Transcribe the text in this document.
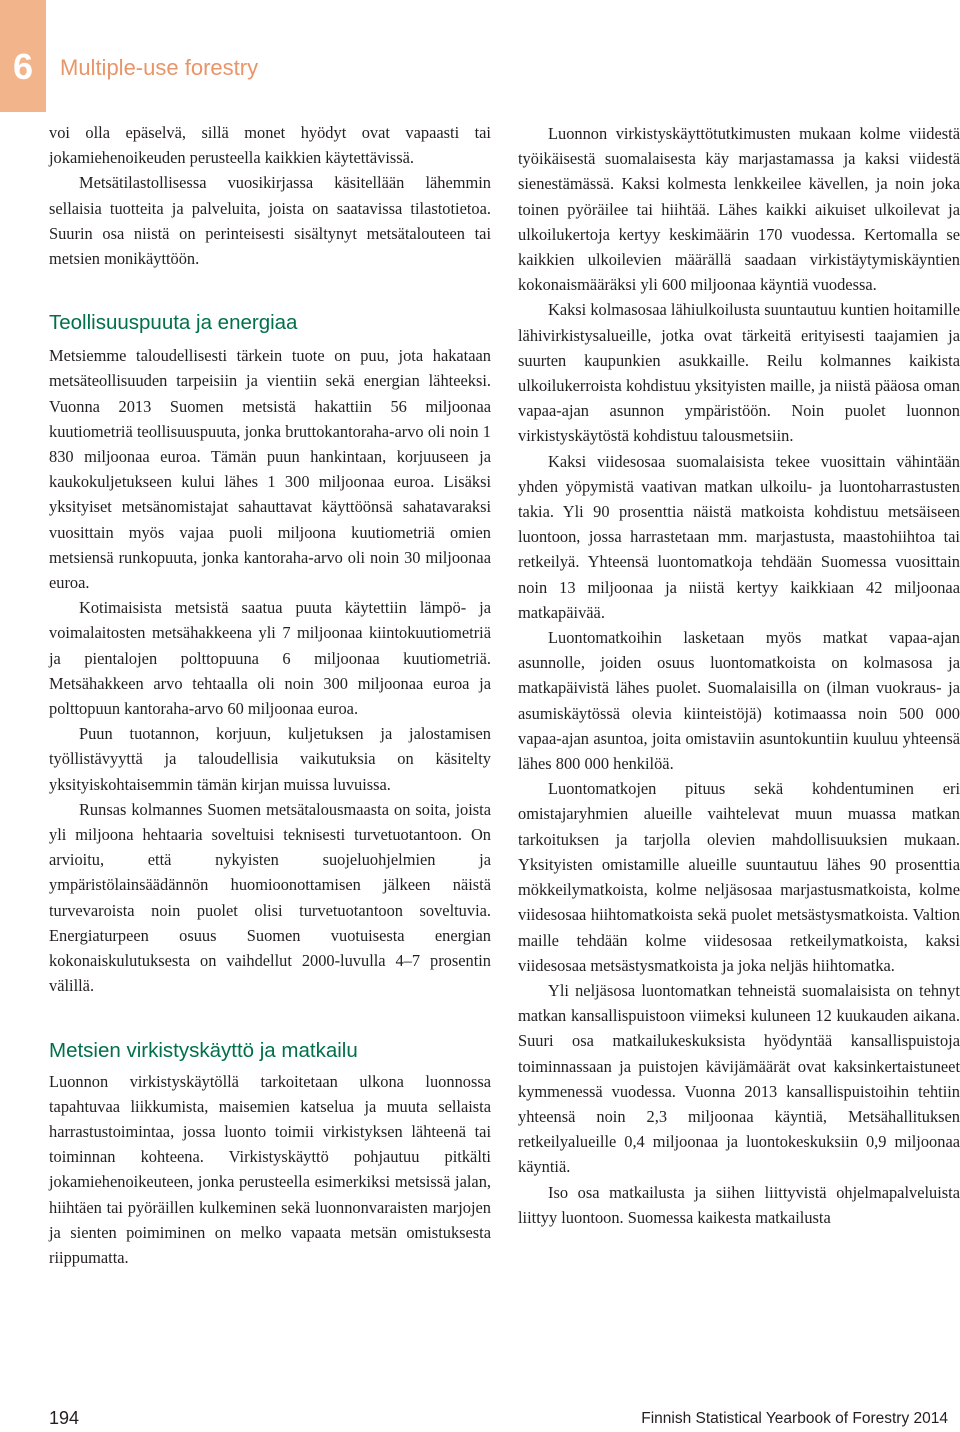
6	Multiple-use forestry

voi olla epäselvä, sillä monet hyödyt ovat vapaasti tai jokamiehenoikeuden perusteella kaikkien käytettävissä.

Metsätilastollisessa vuosikirjassa käsitellään lähemmin sellaisia tuotteita ja palveluita, joista on saatavissa tilastotietoa. Suurin osa niistä on perinteisesti sisältynyt metsätalouteen tai metsien monikäyttöön.

Teollisuuspuuta ja energiaa

Metsiemme taloudellisesti tärkein tuote on puu, jota hakataan metsäteollisuuden tarpeisiin ja vientiin sekä energian lähteeksi. Vuonna 2013 Suomen metsistä hakattiin 56 miljoonaa kuutiometriä teollisuuspuuta, jonka bruttokantoraha-arvo oli noin 1 830 miljoonaa euroa. Tämän puun hankintaan, korjuuseen ja kaukokuljetukseen kului lähes 1 300 miljoonaa euroa. Lisäksi yksityiset metsänomistajat sahauttavat käyttöönsä sahatavaraksi vuosittain myös vajaa puoli miljoona kuutiometriä omien metsiensä runkopuuta, jonka kantoraha-arvo oli noin 30 miljoonaa euroa.

Kotimaisista metsistä saatua puuta käytettiin lämpö- ja voimalaitosten metsähakkeena yli 7 miljoonaa kiintokuutiometriä ja pientalojen polttopuuna 6 miljoonaa kuutiometriä. Metsähakkeen arvo tehtaalla oli noin 300 miljoonaa euroa ja polttopuun kantoraha-arvo 60 miljoonaa euroa.

Puun tuotannon, korjuun, kuljetuksen ja jalostamisen työllistävyyttä ja taloudellisia vaikutuksia on käsitelty yksityiskohtaisemmin tämän kirjan muissa luvuissa.

Runsas kolmannes Suomen metsätalousmaasta on soita, joista yli miljoona hehtaaria soveltuisi teknisesti turvetuotantoon. On arvioitu, että nykyisten suojeluohjelmien ja ympäristölainsäädännön huomioonottamisen jälkeen näistä turvevaroista noin puolet olisi turvetuotantoon soveltuvia. Energiaturpeen osuus Suomen vuotuisesta energian kokonaiskulutuksesta on vaihdellut 2000-luvulla 4–7 prosentin välillä.

Metsien virkistyskäyttö ja matkailu

Luonnon virkistyskäytöllä tarkoitetaan ulkona luonnossa tapahtuvaa liikkumista, maisemien katselua ja muuta sellaista harrastustoimintaa, jossa luonto toimii virkistyksen lähteenä tai toiminnan kohteena. Virkistyskäyttö pohjautuu pitkälti jokamiehenoikeuteen, jonka perusteella esimerkiksi metsissä jalan, hiihtäen tai pyöräillen kulkeminen sekä luonnonvaraisten marjojen ja sienten poimiminen on melko vapaata metsän omistuksesta riippumatta.

Luonnon virkistyskäyttötutkimusten mukaan kolme viidestä työikäisestä suomalaisesta käy marjastamassa ja kaksi viidestä sienestämässä. Kaksi kolmesta lenkkeilee kävellen, ja noin joka toinen pyöräilee tai hiihtää. Lähes kaikki aikuiset ulkoilevat ja ulkoilukertoja kertyy keskimäärin 170 vuodessa. Kertomalla se kaikkien ulkoilevien määrällä saadaan virkistäytymiskäyntien kokonaismääräksi yli 600 miljoonaa käyntiä vuodessa.

Kaksi kolmasosaa lähiulkoilusta suuntautuu kuntien hoitamille lähivirkistysalueille, jotka ovat tärkeitä erityisesti taajamien ja suurten kaupunkien asukkaille. Reilu kolmannes kaikista ulkoilukerroista kohdistuu yksityisten maille, ja niistä pääosa oman vapaa-ajan asunnon ympäristöön. Noin puolet luonnon virkistyskäytöstä kohdistuu talousmetsiin.

Kaksi viidesosaa suomalaisista tekee vuosittain vähintään yhden yöpymistä vaativan matkan ulkoilu- ja luontoharrastusten takia. Yli 90 prosenttia näistä matkoista kohdistuu metsäiseen luontoon, jossa harrastetaan mm. marjastusta, maastohiihtoa tai retkeilyä. Yhteensä luontomatkoja tehdään Suomessa vuosittain noin 13 miljoonaa ja niistä kertyy kaikkiaan 42 miljoonaa matkapäivää.

Luontomatkoihin lasketaan myös matkat vapaa-ajan asunnolle, joiden osuus luontomatkoista on kolmasosa ja matkapäivistä lähes puolet. Suomalaisilla on (ilman vuokraus- ja asumiskäytössä olevia kiinteistöjä) kotimaassa noin 500 000 vapaa-ajan asuntoa, joita omistaviin asuntokuntiin kuuluu yhteensä lähes 800 000 henkilöä.

Luontomatkojen pituus sekä kohdentuminen eri omistajaryhmien alueille vaihtelevat muun muassa matkan tarkoituksen ja tarjolla olevien mahdollisuuksien mukaan. Yksityisten omistamille alueille suuntautuu lähes 90 prosenttia mökkeilymatkoista, kolme neljäsosaa marjastusmatkoista, kolme viidesosaa hiihtomatkoista sekä puolet metsästysmatkoista. Valtion maille tehdään kolme viidesosaa retkeilymatkoista, kaksi viidesosaa metsästysmatkoista ja joka neljäs hiihtomatka.

Yli neljäsosa luontomatkan tehneistä suomalaisista on tehnyt matkan kansallispuistoon viimeksi kuluneen 12 kuukauden aikana. Suuri osa matkailukeskuksista hyödyntää kansallispuistoja toiminnassaan ja puistojen kävijämäärät ovat kaksinkertaistuneet kymmenessä vuodessa. Vuonna 2013 kansallispuistoihin tehtiin yhteensä noin 2,3 miljoonaa käyntiä, Metsähallituksen retkeilyalueille 0,4 miljoonaa ja luontokeskuksiin 0,9 miljoonaa käyntiä.

Iso osa matkailusta ja siihen liittyvistä ohjelmapalveluista liittyy luontoon. Suomessa kaikesta matkailusta

194	Finnish Statistical Yearbook of Forestry 2014
